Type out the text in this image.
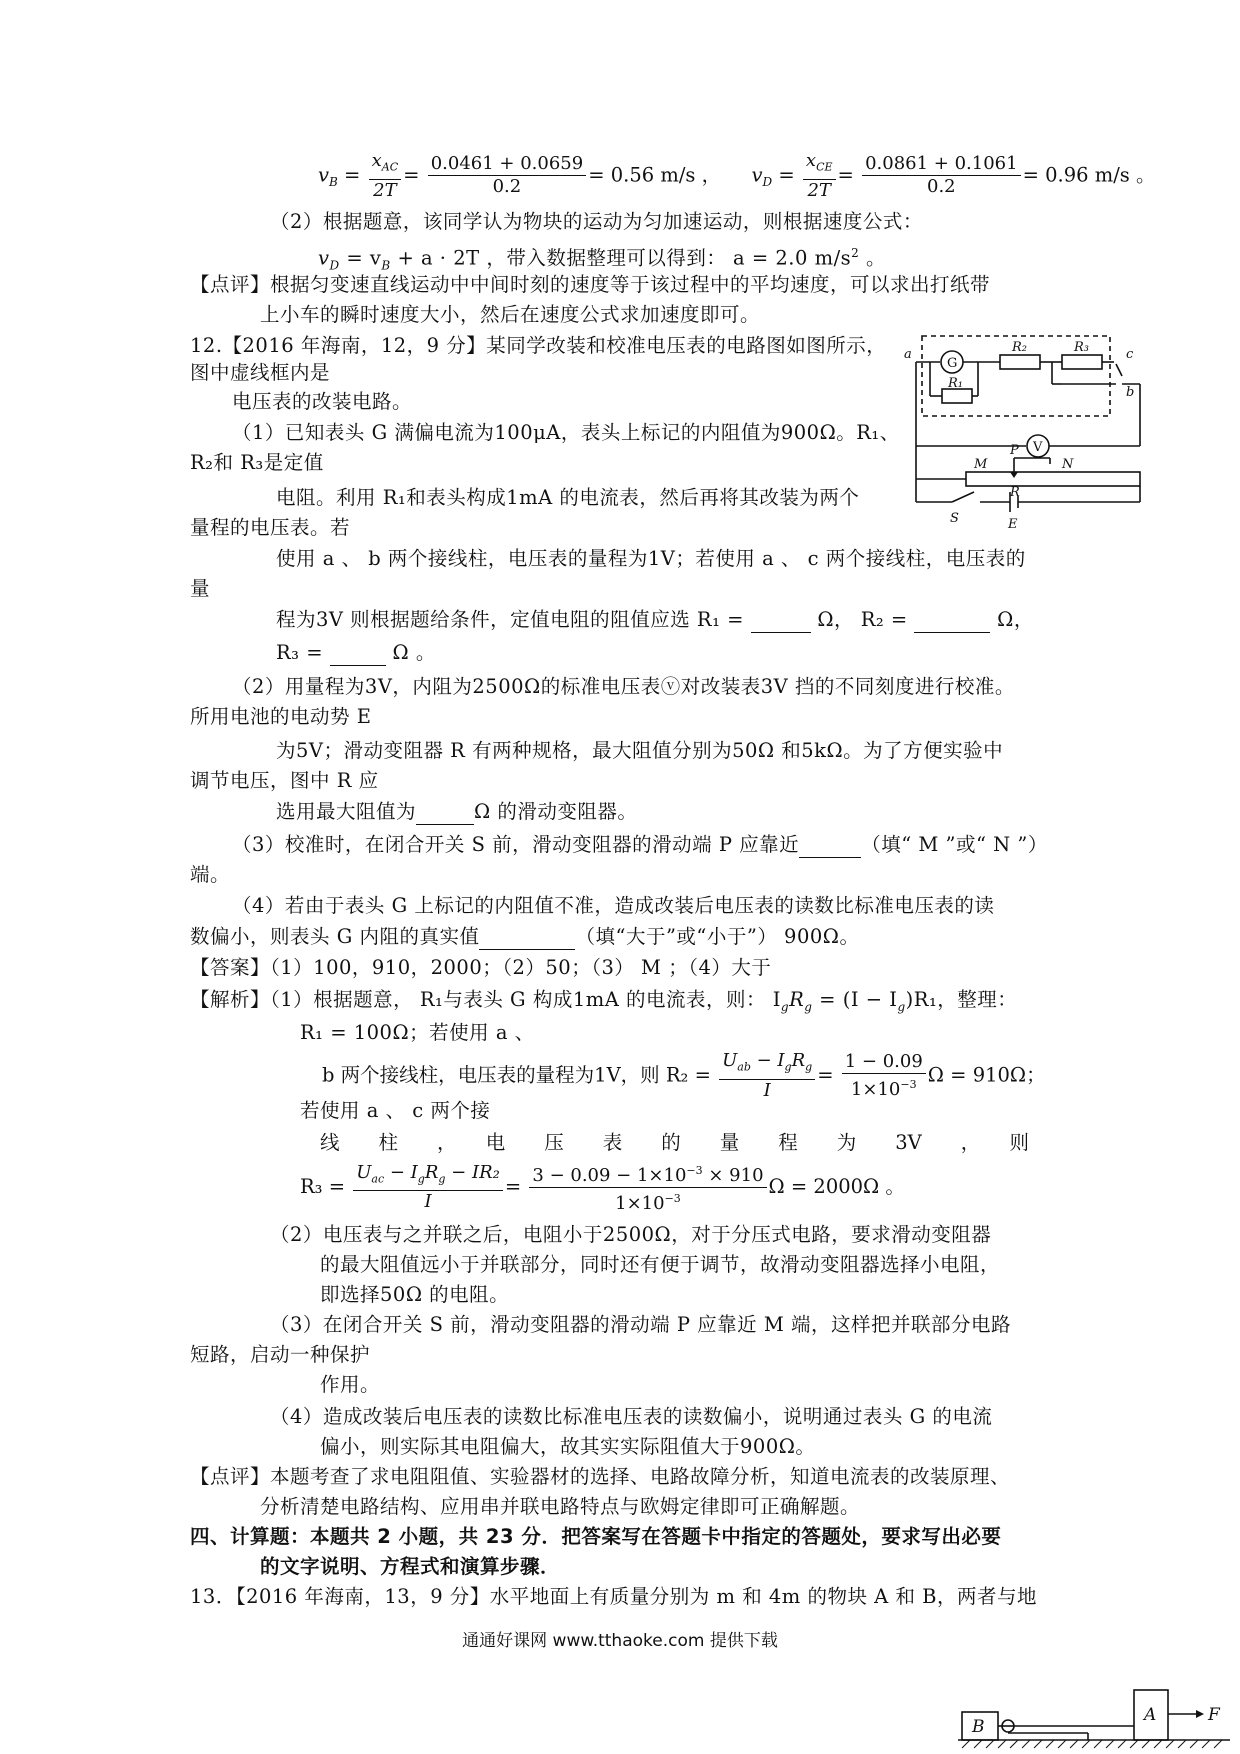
$v_B = \frac{x_{AC}}{2T} = \frac{0.0461 + 0.0659}{0.2} = 0.56$ m/s ， $v_D = \frac{x_{CE}}{2T} = \frac{0.0861 + 0.1061}{0.2} = 0.96$ m/s 。
（2）根据题意，该同学认为物块的运动为匀加速运动，则根据速度公式：
$v_D = v_B + a \cdot 2T$ ，带入数据整理可以得到： a = 2.0 $m/s^2$ 。
【点评】根据匀变速直线运动中中间时刻的速度等于该过程中的平均速度，可以求出打纸带
上小车的瞬时速度大小，然后在速度公式求加速度即可。
12.【2016 年海南，12，9 分】某同学改装和校准电压表的电路图如图所示，
图中虚线框内是
电压表的改装电路。
（1）已知表头 G 满偏电流为100μA，表头上标记的内阻值为900Ω。R₁、
R₂和 R₃是定值
电阻。利用 R₁和表头构成1mA 的电流表，然后再将其改装为两个
量程的电压表。若
使用 a 、 b 两个接线柱，电压表的量程为1V；若使用 a 、 c 两个接线柱，电压表的
量
程为3V 则根据题给条件，定值电阻的阻值应选 R₁ =	Ω， R₂ =	Ω，
R₃ =	Ω 。
（2）用量程为3V，内阻为2500Ω的标准电压表ⓥ对改装表3V 挡的不同刻度进行校准。
所用电池的电动势 E
为5V；滑动变阻器 R 有两种规格，最大阻值分别为50Ω 和5kΩ。为了方便实验中
调节电压，图中 R 应
选用最大阻值为	Ω 的滑动变阻器。
（3）校准时，在闭合开关 S 前，滑动变阻器的滑动端 P 应靠近	（填“ M ”或“ N ”）
端。
（4）若由于表头 G 上标记的内阻值不准，造成改装后电压表的读数比标准电压表的读
数偏小，则表头 G 内阻的真实值	（填“大于”或“小于”） 900Ω。
【答案】（1）100，910，2000；（2）50；（3） M ；（4）大于
【解析】（1）根据题意， R₁与表头 G 构成1mA 的电流表，则： $I_gR_g = (I - I_g)R_1$，整理：
R₁ = 100Ω；若使用 a 、
b 两个接线柱，电压表的量程为1V，则 $R_2 = \frac{U_{ab} - I_gR_g}{I} = \frac{1 - 0.09}{1\times 10^{-3}}$ Ω = 910Ω；
若使用 a 、 c 两个接
线　　柱　　，　　电　　压　　表　　的　　量　　程　　为　　3V　　，　　则
$R_3 = \frac{U_{ac} - I_gR_g - IR_2}{I} = \frac{3 - 0.09 - 1\times 10^{-3} \times 910}{1\times 10^{-3}}$ Ω = 2000Ω 。
（2）电压表与之并联之后，电阻小于2500Ω，对于分压式电路，要求滑动变阻器
的最大阻值远小于并联部分，同时还有便于调节，故滑动变阻器选择小电阻，
即选择50Ω 的电阻。
（3）在闭合开关 S 前，滑动变阻器的滑动端 P 应靠近 M 端，这样把并联部分电路
短路，启动一种保护
作用。
（4）造成改装后电压表的读数比标准电压表的读数偏小，说明通过表头 G 的电流
偏小，则实际其电阻偏大，故其实实际阻值大于900Ω。
【点评】本题考查了求电阻阻值、实验器材的选择、电路故障分析，知道电流表的改装原理、
分析清楚电路结构、应用串并联电路特点与欧姆定律即可正确解题。
四、计算题：本题共 2 小题，共 23 分．把答案写在答题卡中指定的答题处，要求写出必要
的文字说明、方程式和演算步骤．
13．【2016 年海南，13，9 分】水平地面上有质量分别为 m 和 4m 的物块 A 和 B，两者与地
通通好课网 www.tthaoke.com 提供下载
a	c
b
G
R₂	R₃
R₁
V
M
P
N
R
S	E
B
A	F
